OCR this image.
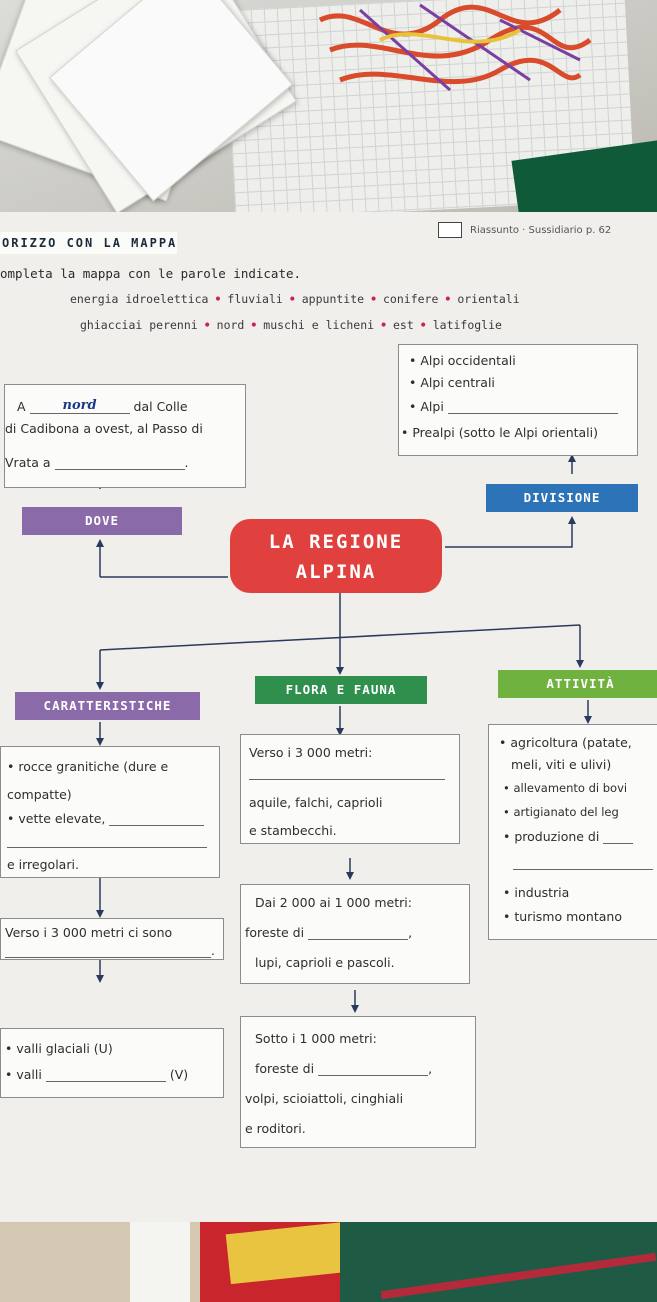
ORIZZO CON LA MAPPA
Riassunto · Sussidiario p. 62
ompleta la mappa con le parole indicate.
energia idroelettica • fluviali • appuntite • conifere • orientali
ghiacciai perenni • nord • muschi e licheni • est • latifoglie
A	nord	dal Colle
di Cadibona a ovest, al Passo di
Vrata a	.
• Alpi occidentali
• Alpi centrali
• Alpi
• Prealpi (sotto le Alpi orientali)
DOVE
DIVISIONE
LA REGIONE
ALPINA
CARATTERISTICHE
FLORA E FAUNA	ATTIVITÀ
• rocce granitiche (dure e
compatte)
• vette elevate,
e irregolari.
Verso i 3 000 metri ci sono
.
• valli glaciali (U)
• valli	(V)
Verso i 3 000 metri:
aquile, falchi, caprioli
e stambecchi.
Dai 2 000 ai 1 000 metri:
foreste di	,
lupi, caprioli e pascoli.
Sotto i 1 000 metri:
foreste di	,
volpi, scioiattoli, cinghiali
e roditori.
• agricoltura (patate,
meli, viti e ulivi)
• allevamento di bovi
• artigianato del leg
• produzione di
• industria
• turismo montano
